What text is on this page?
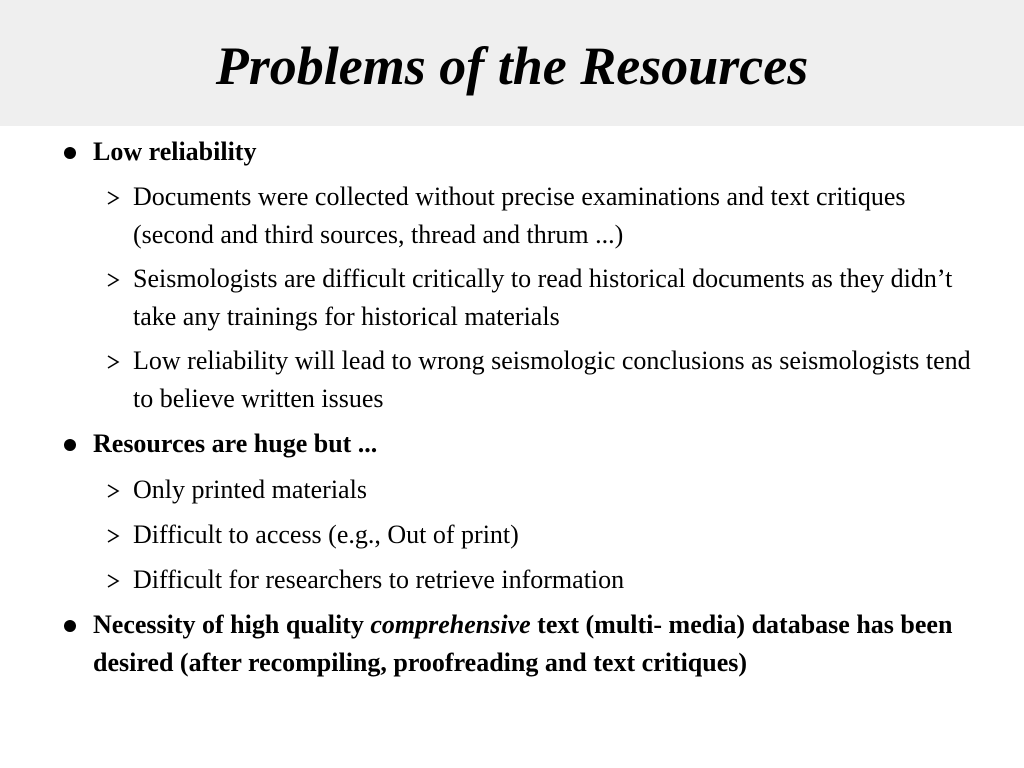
Problems of the Resources
Low reliability
Documents were collected without precise examinations and text critiques (second and third sources, thread and thrum ...)
Seismologists are difficult critically to read historical documents as they didn’t take any trainings for historical materials
Low reliability will lead to wrong seismologic conclusions as seismologists tend to believe written issues
Resources are huge but ...
Only printed materials
Difficult to access (e.g., Out of print)
Difficult for researchers to retrieve information
Necessity of high quality comprehensive text (multi- media) database has been desired (after recompiling, proofreading and text critiques)
